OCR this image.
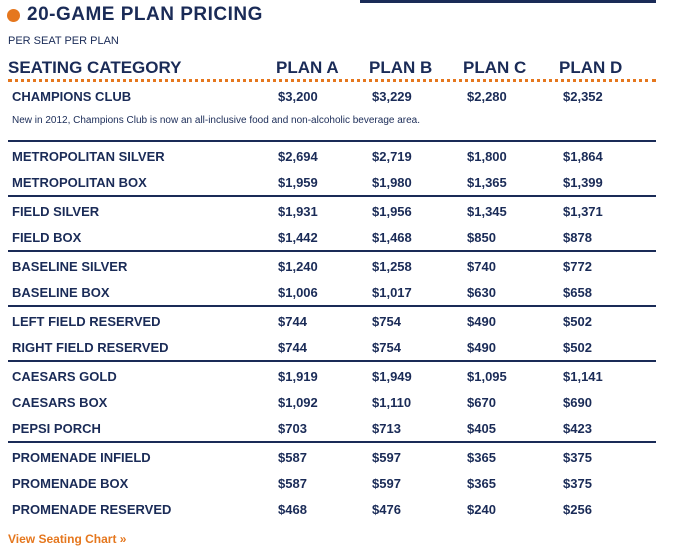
20-GAME PLAN PRICING
PER SEAT PER PLAN
SEATING CATEGORY	PLAN A PLAN B PLAN C PLAN D
New in 2012, Champions Club is now an all-inclusive food and non-alcoholic beverage area.
CHAMPIONS CLUB	$3,200	$3,229	$2,280	$2,352
METROPOLITAN SILVER	$2,694	$2,719	$1,800	$1,864
METROPOLITAN BOX	$1,959	$1,980	$1,365	$1,399
FIELD SILVER	$1,931	$1,956	$1,345	$1,371
FIELD BOX	$1,442	$1,468	$850	$878
BASELINE SILVER	$1,240	$1,258	$740	$772
BASELINE BOX	$1,006	$1,017	$630	$658
LEFT FIELD RESERVED	$744	$754	$490	$502
RIGHT FIELD RESERVED	$744	$754	$490	$502
CAESARS GOLD	$1,919	$1,949	$1,095	$1,141
CAESARS BOX	$1,092	$1,110	$670	$690
PEPSI PORCH	$703	$713	$405	$423
PROMENADE INFIELD	$587	$597	$365	$375
PROMENADE BOX	$587	$597	$365	$375
PROMENADE RESERVED	$468	$476	$240	$256
View Seating Chart »
